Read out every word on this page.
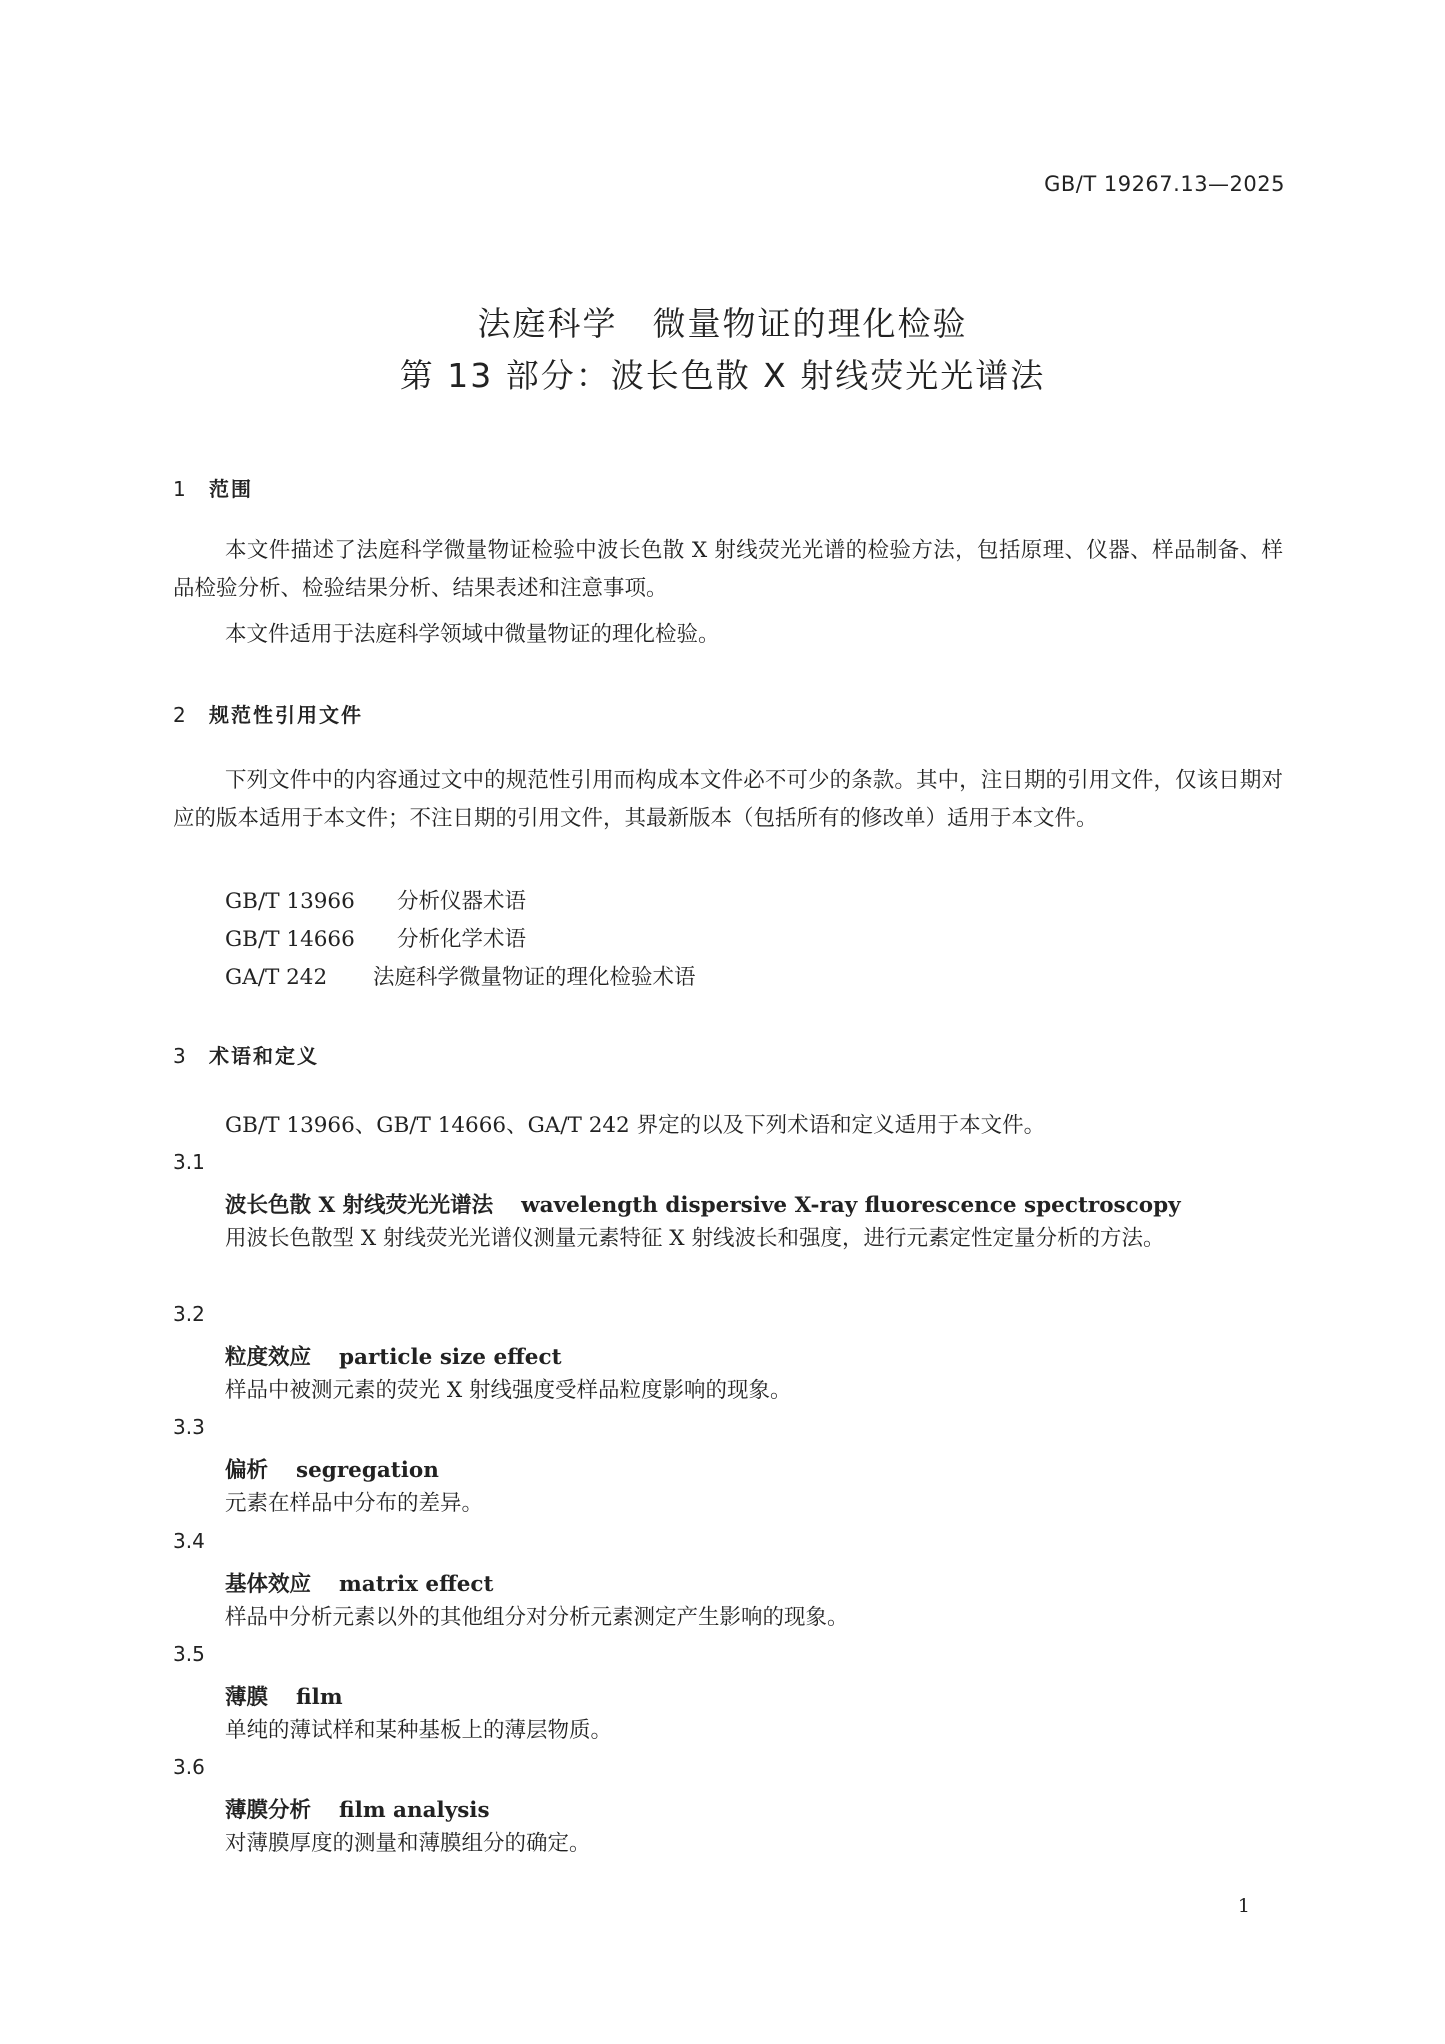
GB/T 19267.13—2025
法庭科学　微量物证的理化检验
第 13 部分：波长色散 X 射线荧光光谱法
1 范围
本文件描述了法庭科学微量物证检验中波长色散 X 射线荧光光谱的检验方法，包括原理、仪器、样品制备、样品检验分析、检验结果分析、结果表述和注意事项。
本文件适用于法庭科学领域中微量物证的理化检验。
2 规范性引用文件
下列文件中的内容通过文中的规范性引用而构成本文件必不可少的条款。其中，注日期的引用文件，仅该日期对应的版本适用于本文件；不注日期的引用文件，其最新版本（包括所有的修改单）适用于本文件。
GB/T 13966 分析仪器术语
GB/T 14666 分析化学术语
GA/T 242 法庭科学微量物证的理化检验术语
3 术语和定义
GB/T 13966、GB/T 14666、GA/T 242 界定的以及下列术语和定义适用于本文件。
3.1
波长色散 X 射线荧光光谱法 wavelength dispersive X-ray fluorescence spectroscopy
用波长色散型 X 射线荧光光谱仪测量元素特征 X 射线波长和强度，进行元素定性定量分析的方法。
3.2
粒度效应 particle size effect
样品中被测元素的荧光 X 射线强度受样品粒度影响的现象。
3.3
偏析 segregation
元素在样品中分布的差异。
3.4
基体效应 matrix effect
样品中分析元素以外的其他组分对分析元素测定产生影响的现象。
3.5
薄膜 film
单纯的薄试样和某种基板上的薄层物质。
3.6
薄膜分析 film analysis
对薄膜厚度的测量和薄膜组分的确定。
1
